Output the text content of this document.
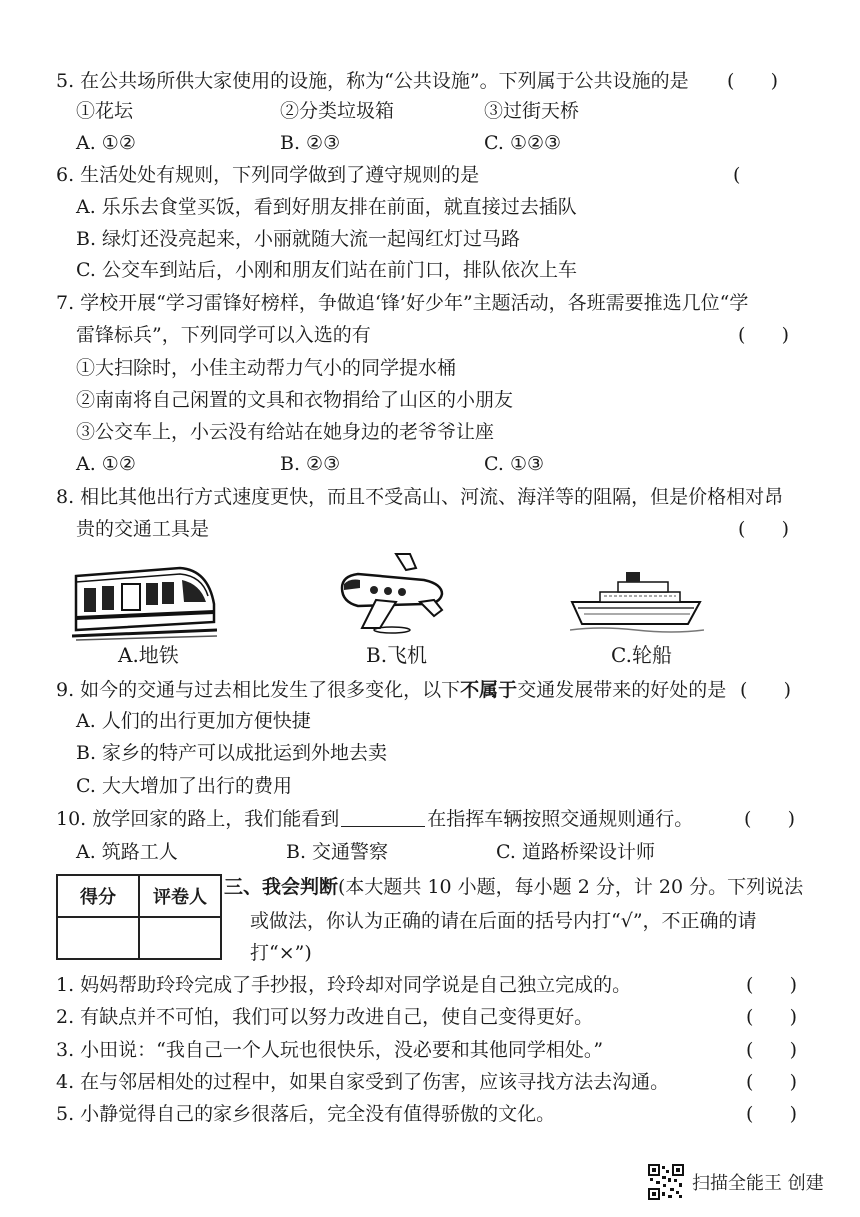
5. 在公共场所供大家使用的设施，称为“公共设施”。下列属于公共设施的是 (      )
①花坛	②分类垃圾箱	③过街天桥
A. ①②	B. ②③	C. ①②③
6. 生活处处有规则，下列同学做到了遵守规则的是	(
A. 乐乐去食堂买饭，看到好朋友排在前面，就直接过去插队
B. 绿灯还没亮起来，小丽就随大流一起闯红灯过马路
C. 公交车到站后，小刚和朋友们站在前门口，排队依次上车
7. 学校开展“学习雷锋好榜样，争做追‘锋’好少年”主题活动，各班需要推选几位“学
雷锋标兵”，下列同学可以入选的有	(      )
①大扫除时，小佳主动帮力气小的同学提水桶
②南南将自己闲置的文具和衣物捐给了山区的小朋友
③公交车上，小云没有给站在她身边的老爷爷让座
A. ①②	B. ②③	C. ①③
8. 相比其他出行方式速度更快，而且不受高山、河流、海洋等的阻隔，但是价格相对昂
贵的交通工具是	(      )
A.地铁	B.飞机	C.轮船
9. 如今的交通与过去相比发生了很多变化，以下不属于交通发展带来的好处的是 (      )
A. 人们的出行更加方便快捷
B. 家乡的特产可以成批运到外地去卖
C. 大大增加了出行的费用
10. 放学回家的路上，我们能看到	在指挥车辆按照交通规则通行。	(      )
A. 筑路工人	B. 交通警察	C. 道路桥梁设计师
得分	评卷人
	三、我会判断(本大题共 10 小题，每小题 2 分，计 20 分。下列说法
或做法，你认为正确的请在后面的括号内打“√”，不正确的请
打“×”)
1. 妈妈帮助玲玲完成了手抄报，玲玲却对同学说是自己独立完成的。	(      )
2. 有缺点并不可怕，我们可以努力改进自己，使自己变得更好。	(      )
3. 小田说：“我自己一个人玩也很快乐，没必要和其他同学相处。”	(      )
4. 在与邻居相处的过程中，如果自家受到了伤害，应该寻找方法去沟通。	(      )
5. 小静觉得自己的家乡很落后，完全没有值得骄傲的文化。	(      )
扫描全能王 创建
